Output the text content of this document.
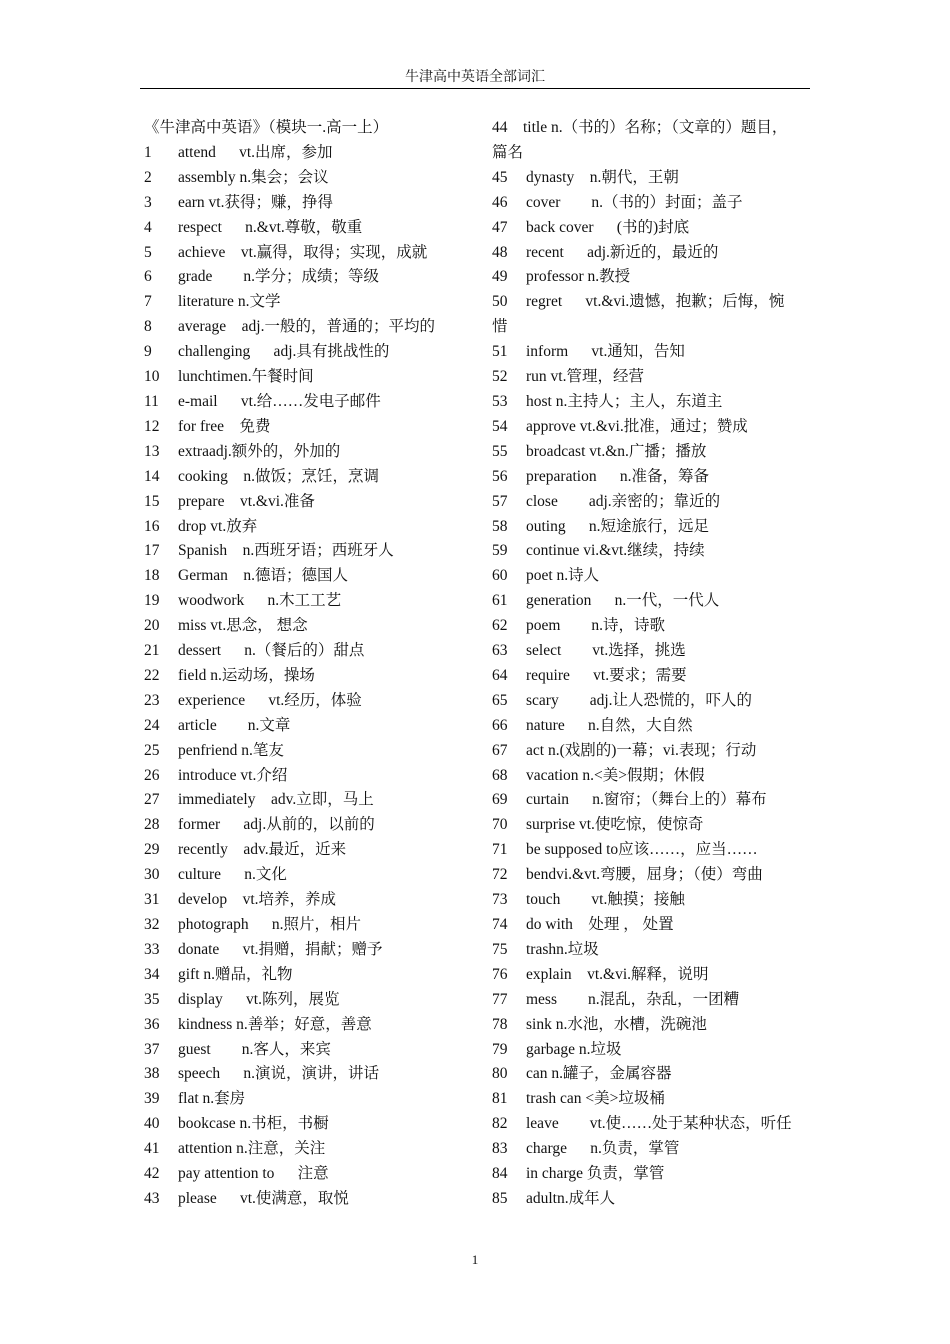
牛津高中英语全部词汇
《牛津高中英语》（模块一.高一上）
1 attend  vt.出席，参加
2 assembly n.集会；会议
3 earn vt.获得；赚，挣得
4 respect  n.&vt.尊敬，敬重
5 achieve vt.赢得，取得；实现，成就
6 grade  n.学分；成绩；等级
7 literature n.文学
8 average adj.一般的，普通的；平均的
9 challenging  adj.具有挑战性的
10 lunchtimen.午餐时间
11 e-mail  vt.给……发电子邮件
12 for free 免费
13 extraadj.额外的，外加的
14 cooking n.做饭；烹饪，烹调
15 prepare vt.&vi.准备
16 drop vt.放弃
17 Spanish n.西班牙语；西班牙人
18 German n.德语；德国人
19 woodwork  n.木工工艺
20 miss vt.思念， 想念
21 dessert  n.（餐后的）甜点
22 field n.运动场，操场
23 experience  vt.经历，体验
24 article  n.文章
25 penfriend n.笔友
26 introduce vt.介绍
27 immediately adv.立即，马上
28 former  adj.从前的，以前的
29 recently adv.最近，近来
30 culture  n.文化
31 develop vt.培养，养成
32 photograph  n.照片，相片
33 donate  vt.捐赠，捐献；赠予
34 gift n.赠品，礼物
35 display  vt.陈列，展览
36 kindness n.善举；好意，善意
37 guest  n.客人，来宾
38 speech  n.演说，演讲，讲话
39 flat n.套房
40 bookcase n.书柜，书橱
41 attention n.注意，关注
42 pay attention to  注意
43 please  vt.使满意，取悦
44  title n.（书的）名称；（文章的）题目，
篇名
45 dynasty n.朝代，王朝
46 cover  n.（书的）封面；盖子
47 back cover  (书的)封底
48 recent  adj.新近的，最近的
49 professor n.教授
50 regret  vt.&vi.遗憾，抱歉；后悔，惋
惜
51 inform  vt.通知，告知
52 run vt.管理，经营
53 host n.主持人；主人，东道主
54 approve vt.&vi.批准，通过；赞成
55 broadcast vt.&n.广播；播放
56 preparation  n.准备，筹备
57 close  adj.亲密的；靠近的
58 outing  n.短途旅行，远足
59 continue vi.&vt.继续，持续
60 poet n.诗人
61 generation  n.一代，一代人
62 poem  n.诗，诗歌
63 select  vt.选择，挑选
64 require  vt.要求；需要
65 scary  adj.让人恐慌的，吓人的
66 nature  n.自然，大自然
67 act n.(戏剧的)一幕；vi.表现；行动
68 vacation n.<美>假期；休假
69 curtain  n.窗帘；（舞台上的）幕布
70 surprise vt.使吃惊，使惊奇
71 be supposed to应该……，应当……
72 bendvi.&vt.弯腰，屈身；（使）弯曲
73 touch  vt.触摸；接触
74 do with 处理 ， 处置
75 trashn.垃圾
76 explain vt.&vi.解释，说明
77 mess  n.混乱，杂乱，一团糟
78 sink n.水池，水槽，洗碗池
79 garbage n.垃圾
80 can n.罐子，金属容器
81 trash can <美>垃圾桶
82 leave  vt.使……处于某种状态，听任
83 charge  n.负责，掌管
84 in charge 负责，掌管
85 adultn.成年人
1
